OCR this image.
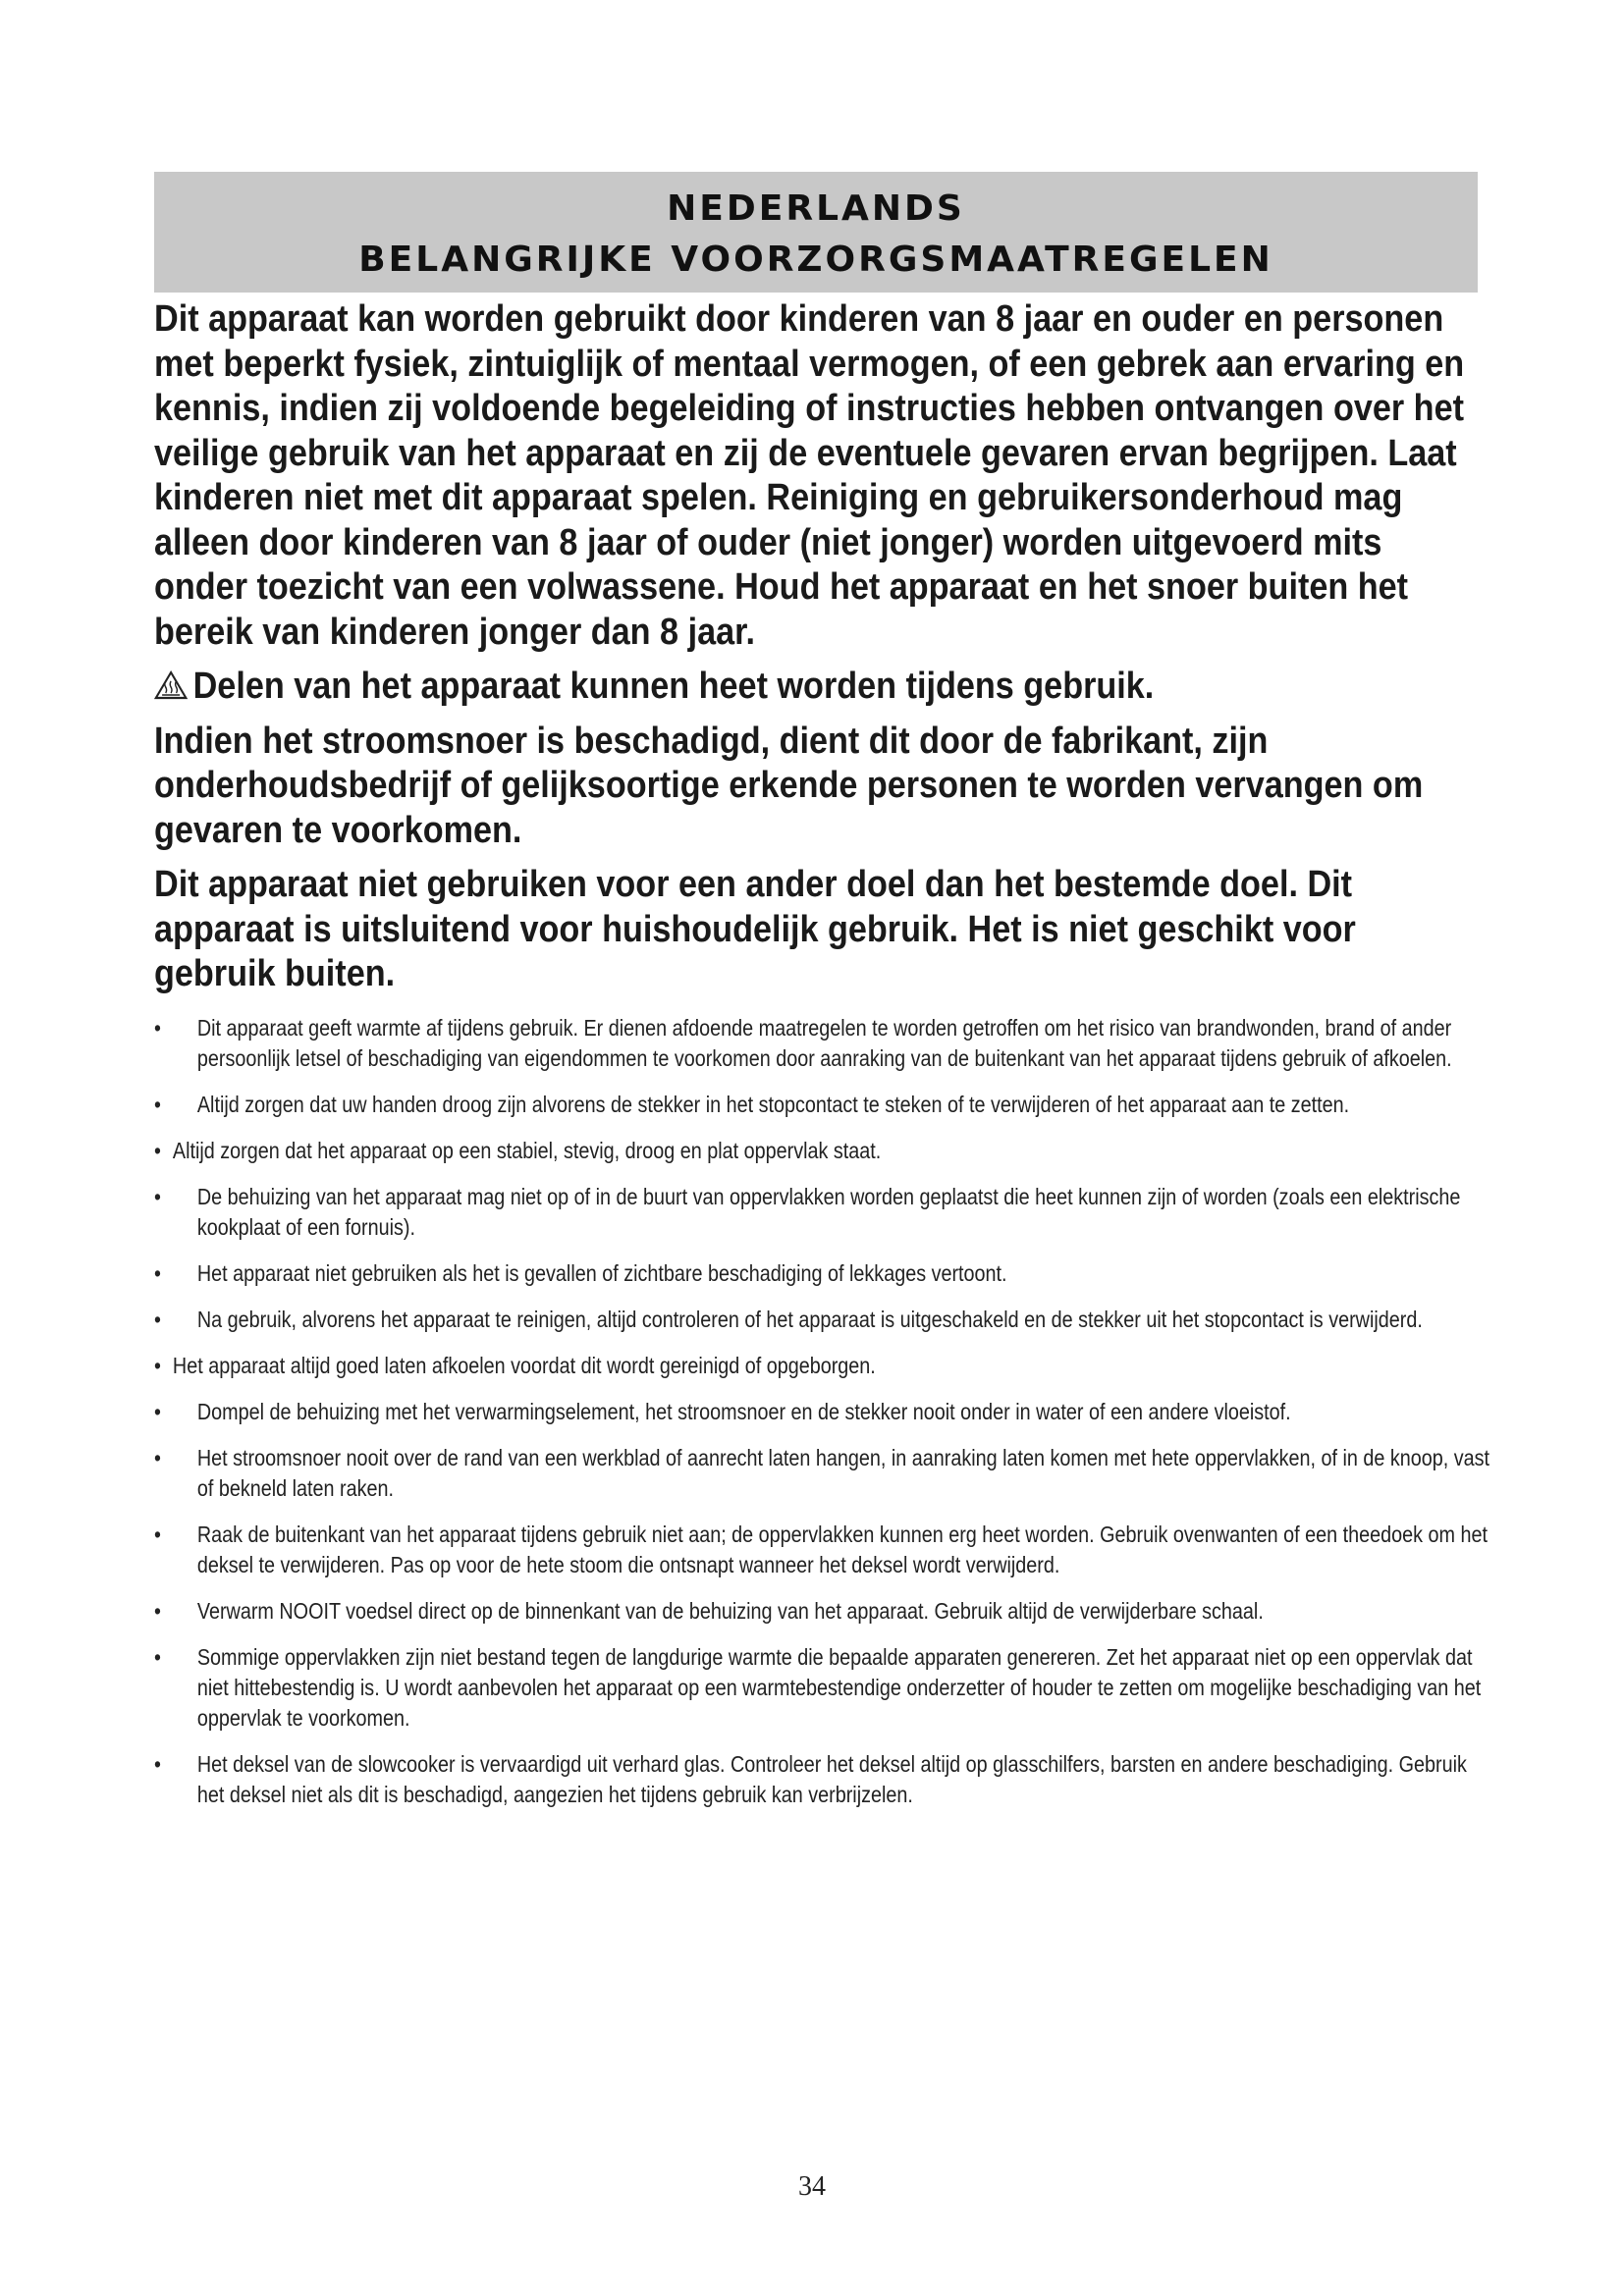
NEDERLANDS
BELANGRIJKE VOORZORGSMAATREGELEN

Dit apparaat kan worden gebruikt door kinderen van 8 jaar en ouder en personen met beperkt fysiek, zintuiglijk of mentaal vermogen, of een gebrek aan ervaring en kennis, indien zij voldoende begeleiding of instructies hebben ontvangen over het veilige gebruik van het apparaat en zij de eventuele gevaren ervan begrijpen. Laat kinderen niet met dit apparaat spelen. Reiniging en gebruikersonderhoud mag alleen door kinderen van 8 jaar of ouder (niet jonger) worden uitgevoerd mits onder toezicht van een volwassene. Houd het apparaat en het snoer buiten het bereik van kinderen jonger dan 8 jaar.

Delen van het apparaat kunnen heet worden tijdens gebruik.

Indien het stroomsnoer is beschadigd, dient dit door de fabrikant, zijn onderhoudsbedrijf of gelijksoortige erkende personen te worden vervangen om gevaren te voorkomen.

Dit apparaat niet gebruiken voor een ander doel dan het bestemde doel. Dit apparaat is uitsluitend voor huishoudelijk gebruik. Het is niet geschikt voor gebruik buiten.

• Dit apparaat geeft warmte af tijdens gebruik. Er dienen afdoende maatregelen te worden getroffen om het risico van brandwonden, brand of ander persoonlijk letsel of beschadiging van eigendommen te voorkomen door aanraking van de buitenkant van het apparaat tijdens gebruik of afkoelen.
• Altijd zorgen dat uw handen droog zijn alvorens de stekker in het stopcontact te steken of te verwijderen of het apparaat aan te zetten.
• Altijd zorgen dat het apparaat op een stabiel, stevig, droog en plat oppervlak staat.
• De behuizing van het apparaat mag niet op of in de buurt van oppervlakken worden geplaatst die heet kunnen zijn of worden (zoals een elektrische kookplaat of een fornuis).
• Het apparaat niet gebruiken als het is gevallen of zichtbare beschadiging of lekkages vertoont.
• Na gebruik, alvorens het apparaat te reinigen, altijd controleren of het apparaat is uitgeschakeld en de stekker uit het stopcontact is verwijderd.
• Het apparaat altijd goed laten afkoelen voordat dit wordt gereinigd of opgeborgen.
• Dompel de behuizing met het verwarmingselement, het stroomsnoer en de stekker nooit onder in water of een andere vloeistof.
• Het stroomsnoer nooit over de rand van een werkblad of aanrecht laten hangen, in aanraking laten komen met hete oppervlakken, of in de knoop, vast of bekneld laten raken.
• Raak de buitenkant van het apparaat tijdens gebruik niet aan; de oppervlakken kunnen erg heet worden. Gebruik ovenwanten of een theedoek om het deksel te verwijderen. Pas op voor de hete stoom die ontsnapt wanneer het deksel wordt verwijderd.
• Verwarm NOOIT voedsel direct op de binnenkant van de behuizing van het apparaat. Gebruik altijd de verwijderbare schaal.
• Sommige oppervlakken zijn niet bestand tegen de langdurige warmte die bepaalde apparaten genereren. Zet het apparaat niet op een oppervlak dat niet hittebestendig is. U wordt aanbevolen het apparaat op een warmtebestendige onderzetter of houder te zetten om mogelijke beschadiging van het oppervlak te voorkomen.
• Het deksel van de slowcooker is vervaardigd uit verhard glas. Controleer het deksel altijd op glasschilfers, barsten en andere beschadiging. Gebruik het deksel niet als dit is beschadigd, aangezien het tijdens gebruik kan verbrijzelen.
34
